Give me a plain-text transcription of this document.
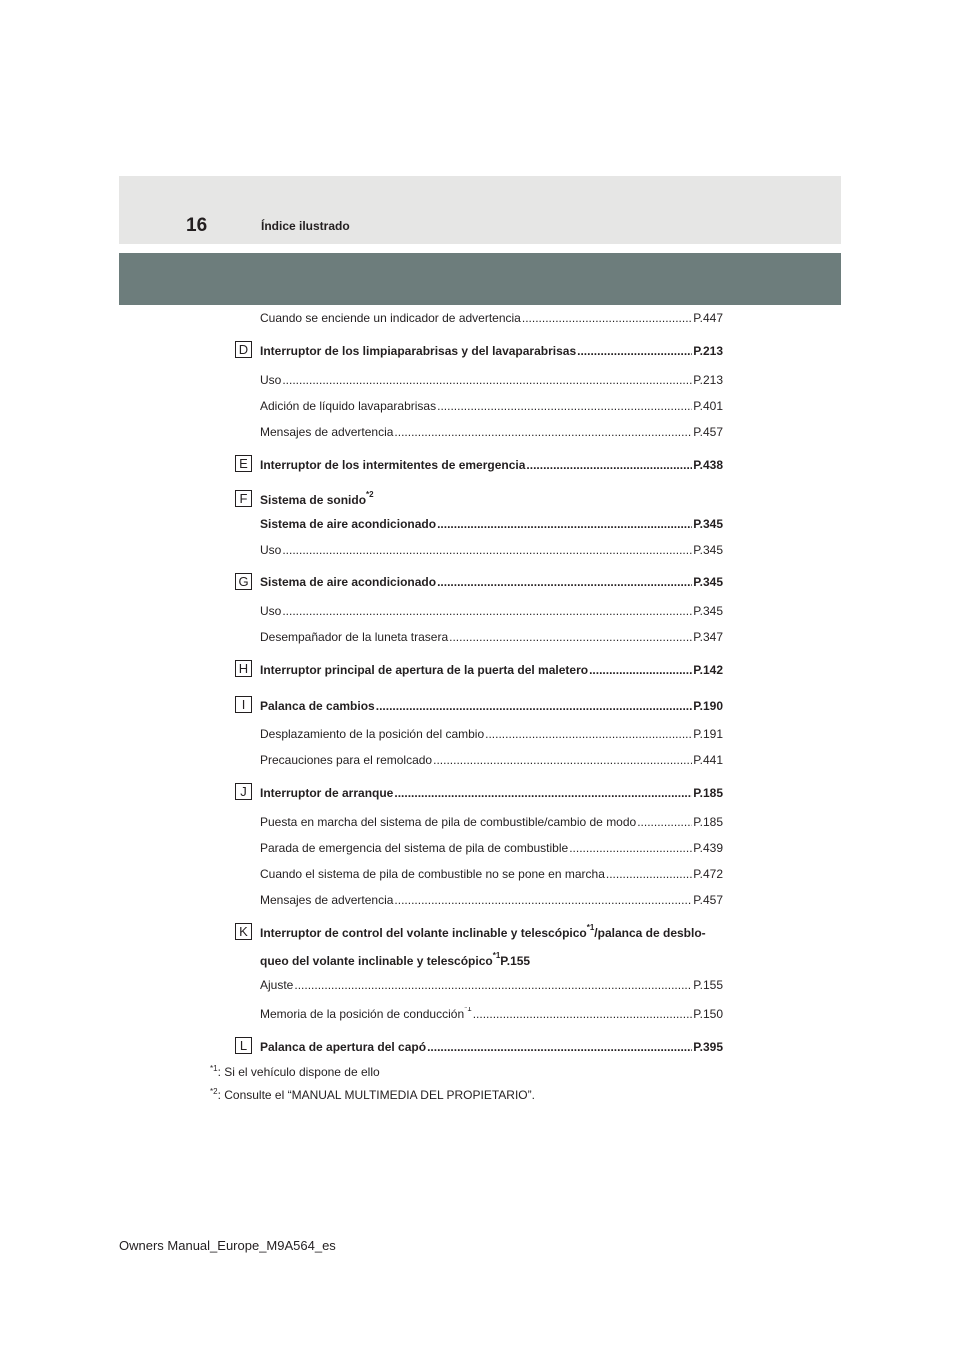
16	Índice ilustrado
Cuando se enciende un indicador de advertencia .....	P.447
D Interruptor de los limpiaparabrisas y del lavaparabrisas .....	P.213
Uso .....	P.213
Adición de líquido lavaparabrisas .....	P.401
Mensajes de advertencia .....	P.457
E	Interruptor de los intermitentes de emergencia .....	P.438
F	Sistema de sonido$^{*2}$
Sistema de aire acondicionado .....	P.345
Uso .....	P.345
G Sistema de aire acondicionado .....	P.345
Uso .....	P.345
Desempañador de la luneta trasera .....	P.347
H Interruptor principal de apertura de la puerta del maletero .....	P.142
I	Palanca de cambios .....	P.190
Desplazamiento de la posición del cambio .....	P.191
Precauciones para el remolcado .....	P.441
J	Interruptor de arranque .....	P.185
Puesta en marcha del sistema de pila de combustible/cambio de modo .....	P.185
Parada de emergencia del sistema de pila de combustible .....	P.439
Cuando el sistema de pila de combustible no se pone en marcha .....	P.472
Mensajes de advertencia .....	P.457
K	Interruptor de control del volante inclinable y telescópico$^{*1}$/palanca de desblo-
queo del volante inclinable y telescópico$^{*1}$P.155
Ajuste .....	P.155
Memoria de la posición de conducción$^{*1}$ .....	P.150
L	Palanca de apertura del capó .....	P.395
$^{*1}$: Si el vehículo dispone de ello
$^{*2}$: Consulte el “MANUAL MULTIMEDIA DEL PROPIETARIO”.
Owners Manual_Europe_M9A564_es
